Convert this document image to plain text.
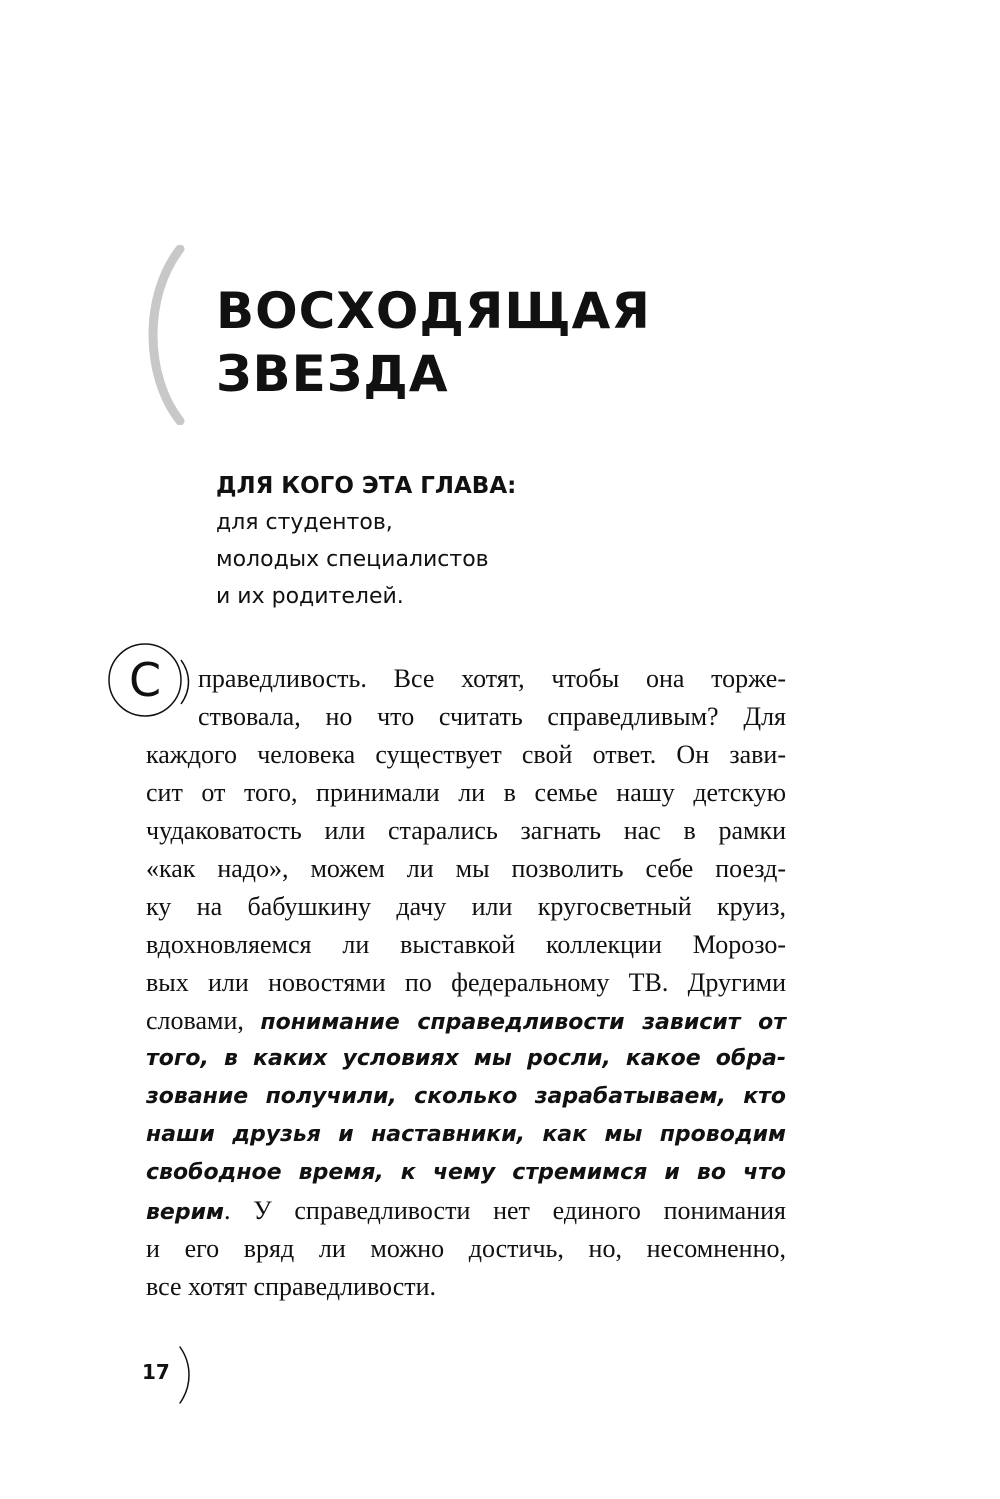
ВОСХОДЯЩАЯ
ЗВЕЗДА

ДЛЯ КОГО ЭТА ГЛАВА:

для студентов,

молодых специалистов

и их родителей.

С	праведливость. Все хотят, чтобы она торже-
ствовала, но что считать справедливым? Для
каждого человека существует свой ответ. Он зави-
сит от того, принимали ли в семье нашу детскую
чудаковатость или старались загнать нас в рамки
«как надо», можем ли мы позволить себе поезд-
ку на бабушкину дачу или кругосветный круиз,
вдохновляемся ли выставкой коллекции Морозо-
вых или новостями по федеральному ТВ. Другими
словами, понимание справедливости зависит от
того, в каких условиях мы росли, какое обра-
зование получили, сколько зарабатываем, кто
наши друзья и наставники, как мы проводим
свободное время, к чему стремимся и во что
верим. У справедливости нет единого понимания
и его вряд ли можно достичь, но, несомненно,
все хотят справедливости.
17
